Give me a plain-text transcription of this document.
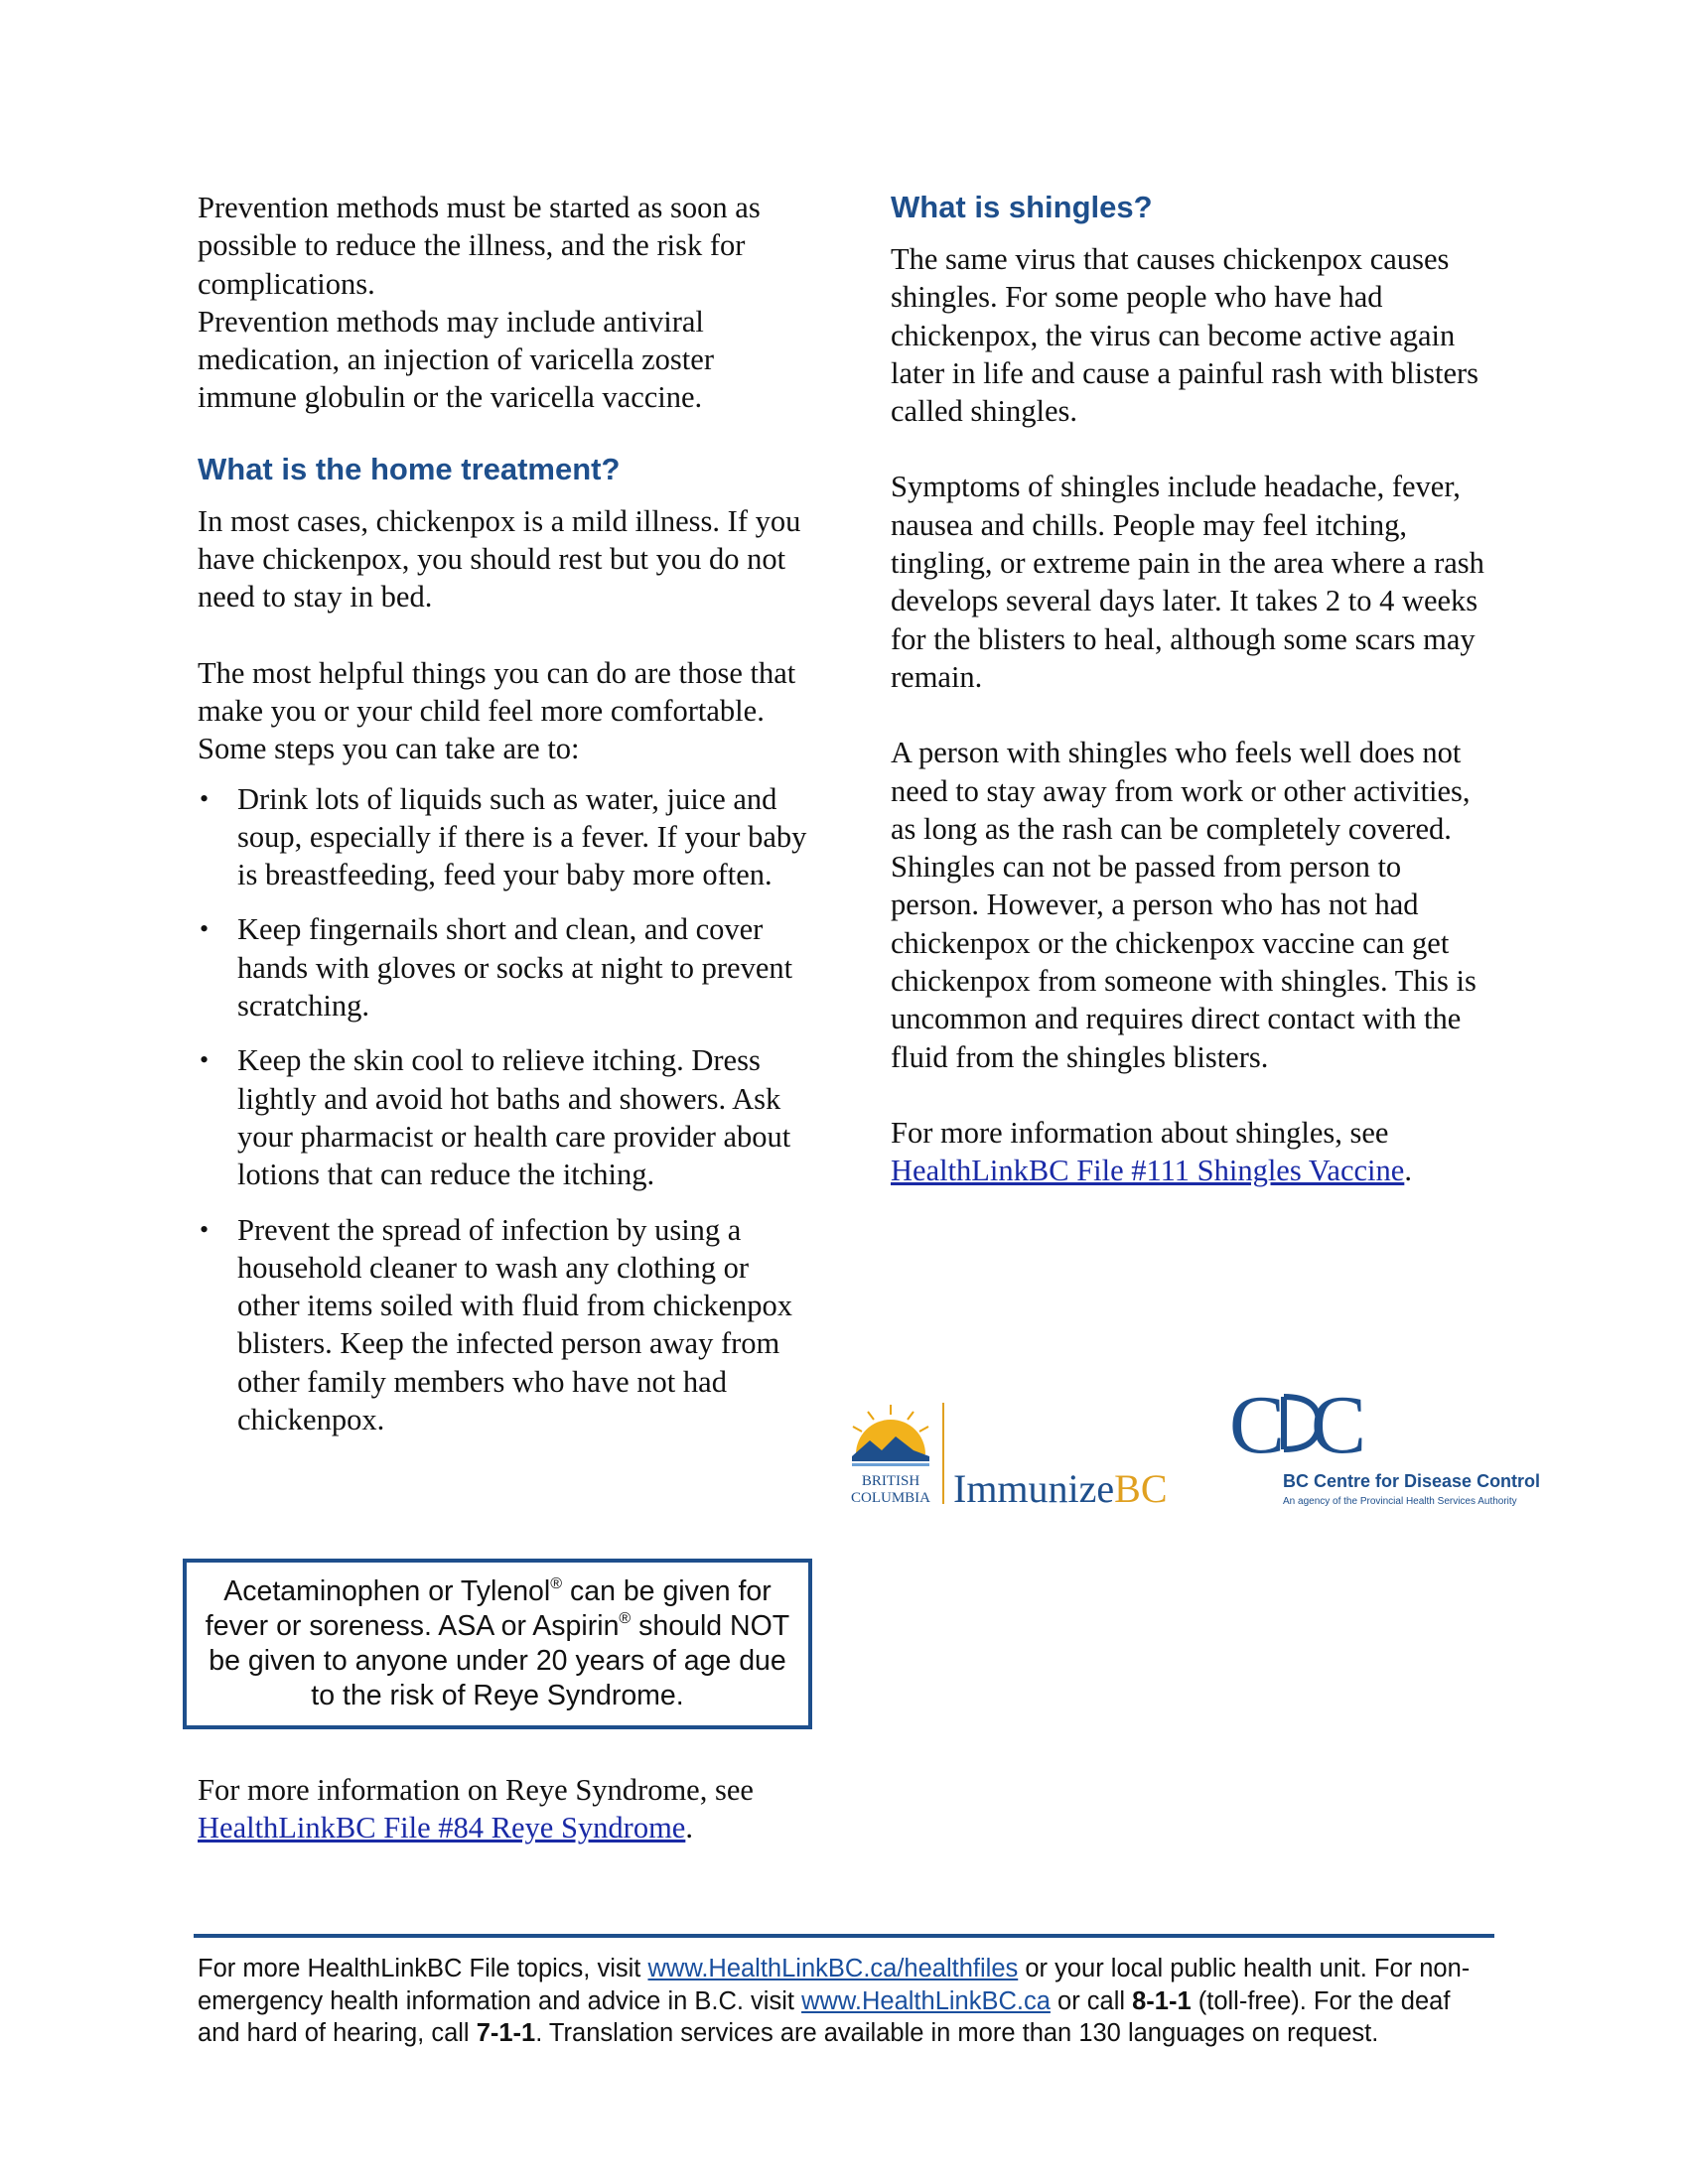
Prevention methods must be started as soon as possible to reduce the illness, and the risk for complications.

Prevention methods may include antiviral medication, an injection of varicella zoster immune globulin or the varicella vaccine.

What is the home treatment?

In most cases, chickenpox is a mild illness. If you have chickenpox, you should rest but you do not need to stay in bed.

The most helpful things you can do are those that make you or your child feel more comfortable. Some steps you can take are to:

• Drink lots of liquids such as water, juice and soup, especially if there is a fever. If your baby is breastfeeding, feed your baby more often.
• Keep fingernails short and clean, and cover hands with gloves or socks at night to prevent scratching.
• Keep the skin cool to relieve itching. Dress lightly and avoid hot baths and showers. Ask your pharmacist or health care provider about lotions that can reduce the itching.
• Prevent the spread of infection by using a household cleaner to wash any clothing or other items soiled with fluid from chickenpox blisters. Keep the infected person away from other family members who have not had chickenpox.
Acetaminophen or Tylenol® can be given for fever or soreness. ASA or Aspirin® should NOT be given to anyone under 20 years of age due to the risk of Reye Syndrome.

For more information on Reye Syndrome, see HealthLinkBC File #84 Reye Syndrome.

What is shingles?

The same virus that causes chickenpox causes shingles. For some people who have had chickenpox, the virus can become active again later in life and cause a painful rash with blisters called shingles.

Symptoms of shingles include headache, fever, nausea and chills. People may feel itching, tingling, or extreme pain in the area where a rash develops several days later. It takes 2 to 4 weeks for the blisters to heal, although some scars may remain.

A person with shingles who feels well does not need to stay away from work or other activities, as long as the rash can be completely covered. Shingles can not be passed from person to person. However, a person who has not had chickenpox or the chickenpox vaccine can get chickenpox from someone with shingles. This is uncommon and requires direct contact with the fluid from the shingles blisters.

For more information about shingles, see HealthLinkBC File #111 Shingles Vaccine.

BRITISH
COLUMBIA ImmunizeBC
C C
BC Centre for Disease Control
An agency of the Provincial Health Services Authority
For more HealthLinkBC File topics, visit www.HealthLinkBC.ca/healthfiles or your local public health unit. For non-emergency health information and advice in B.C. visit www.HealthLinkBC.ca or call 8-1-1 (toll-free). For the deaf and hard of hearing, call 7-1-1. Translation services are available in more than 130 languages on request.
